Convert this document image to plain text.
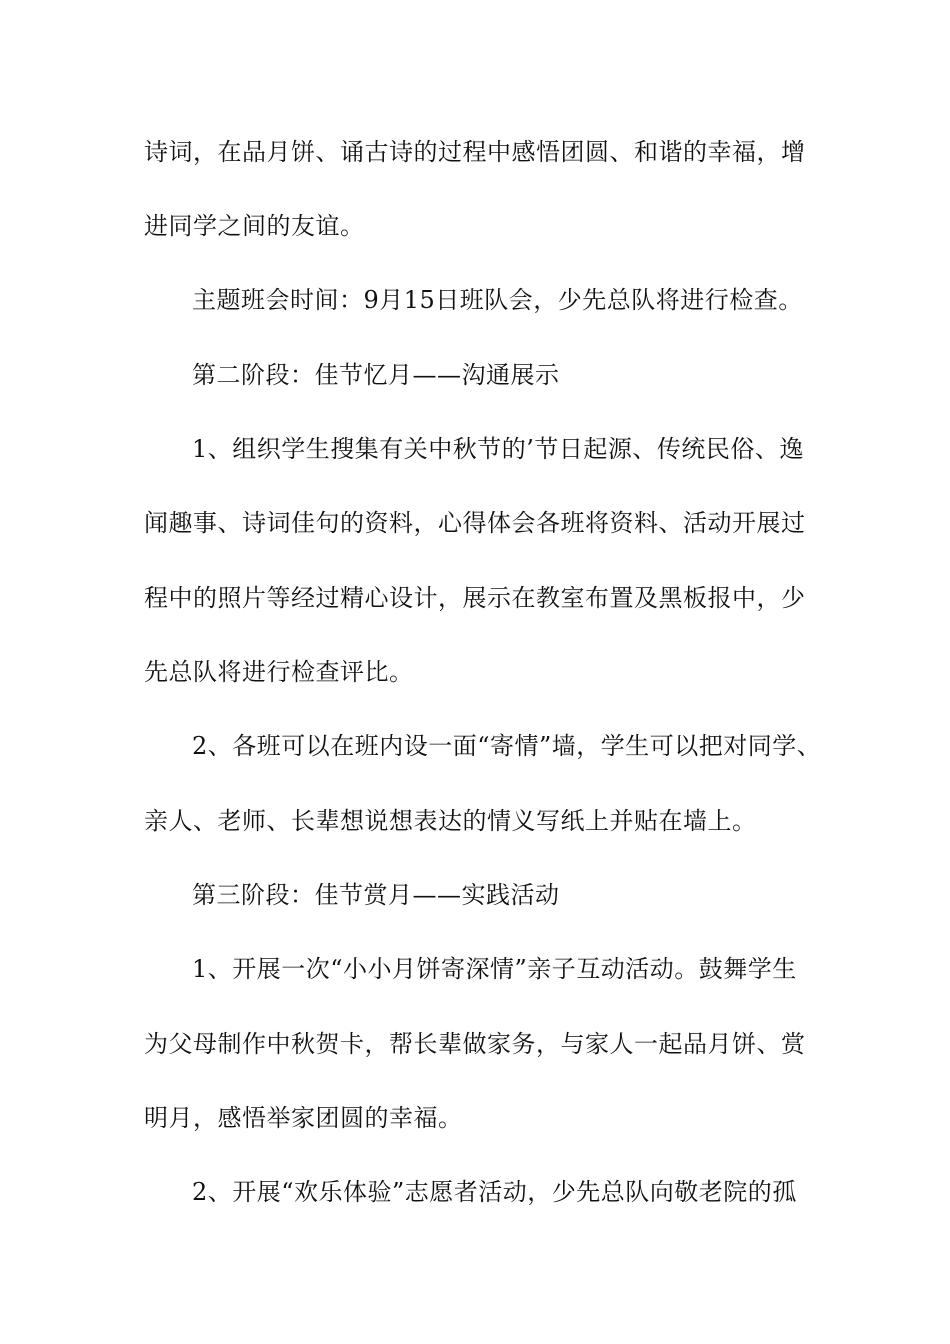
诗词，在品月饼、诵古诗的过程中感悟团圆、和谐的幸福，增
进同学之间的友谊。
主题班会时间：9月15日班队会，少先总队将进行检查。
第二阶段：佳节忆月——沟通展示
1、组织学生搜集有关中秋节的’节日起源、传统民俗、逸
闻趣事、诗词佳句的资料，心得体会各班将资料、活动开展过
程中的照片等经过精心设计，展示在教室布置及黑板报中，少
先总队将进行检查评比。
2、各班可以在班内设一面“寄情”墙，学生可以把对同学、
亲人、老师、长辈想说想表达的情义写纸上并贴在墙上。
第三阶段：佳节赏月——实践活动
1、开展一次“小小月饼寄深情”亲子互动活动。鼓舞学生
为父母制作中秋贺卡，帮长辈做家务，与家人一起品月饼、赏
明月，感悟举家团圆的幸福。
2、开展“欢乐体验”志愿者活动，少先总队向敬老院的孤
